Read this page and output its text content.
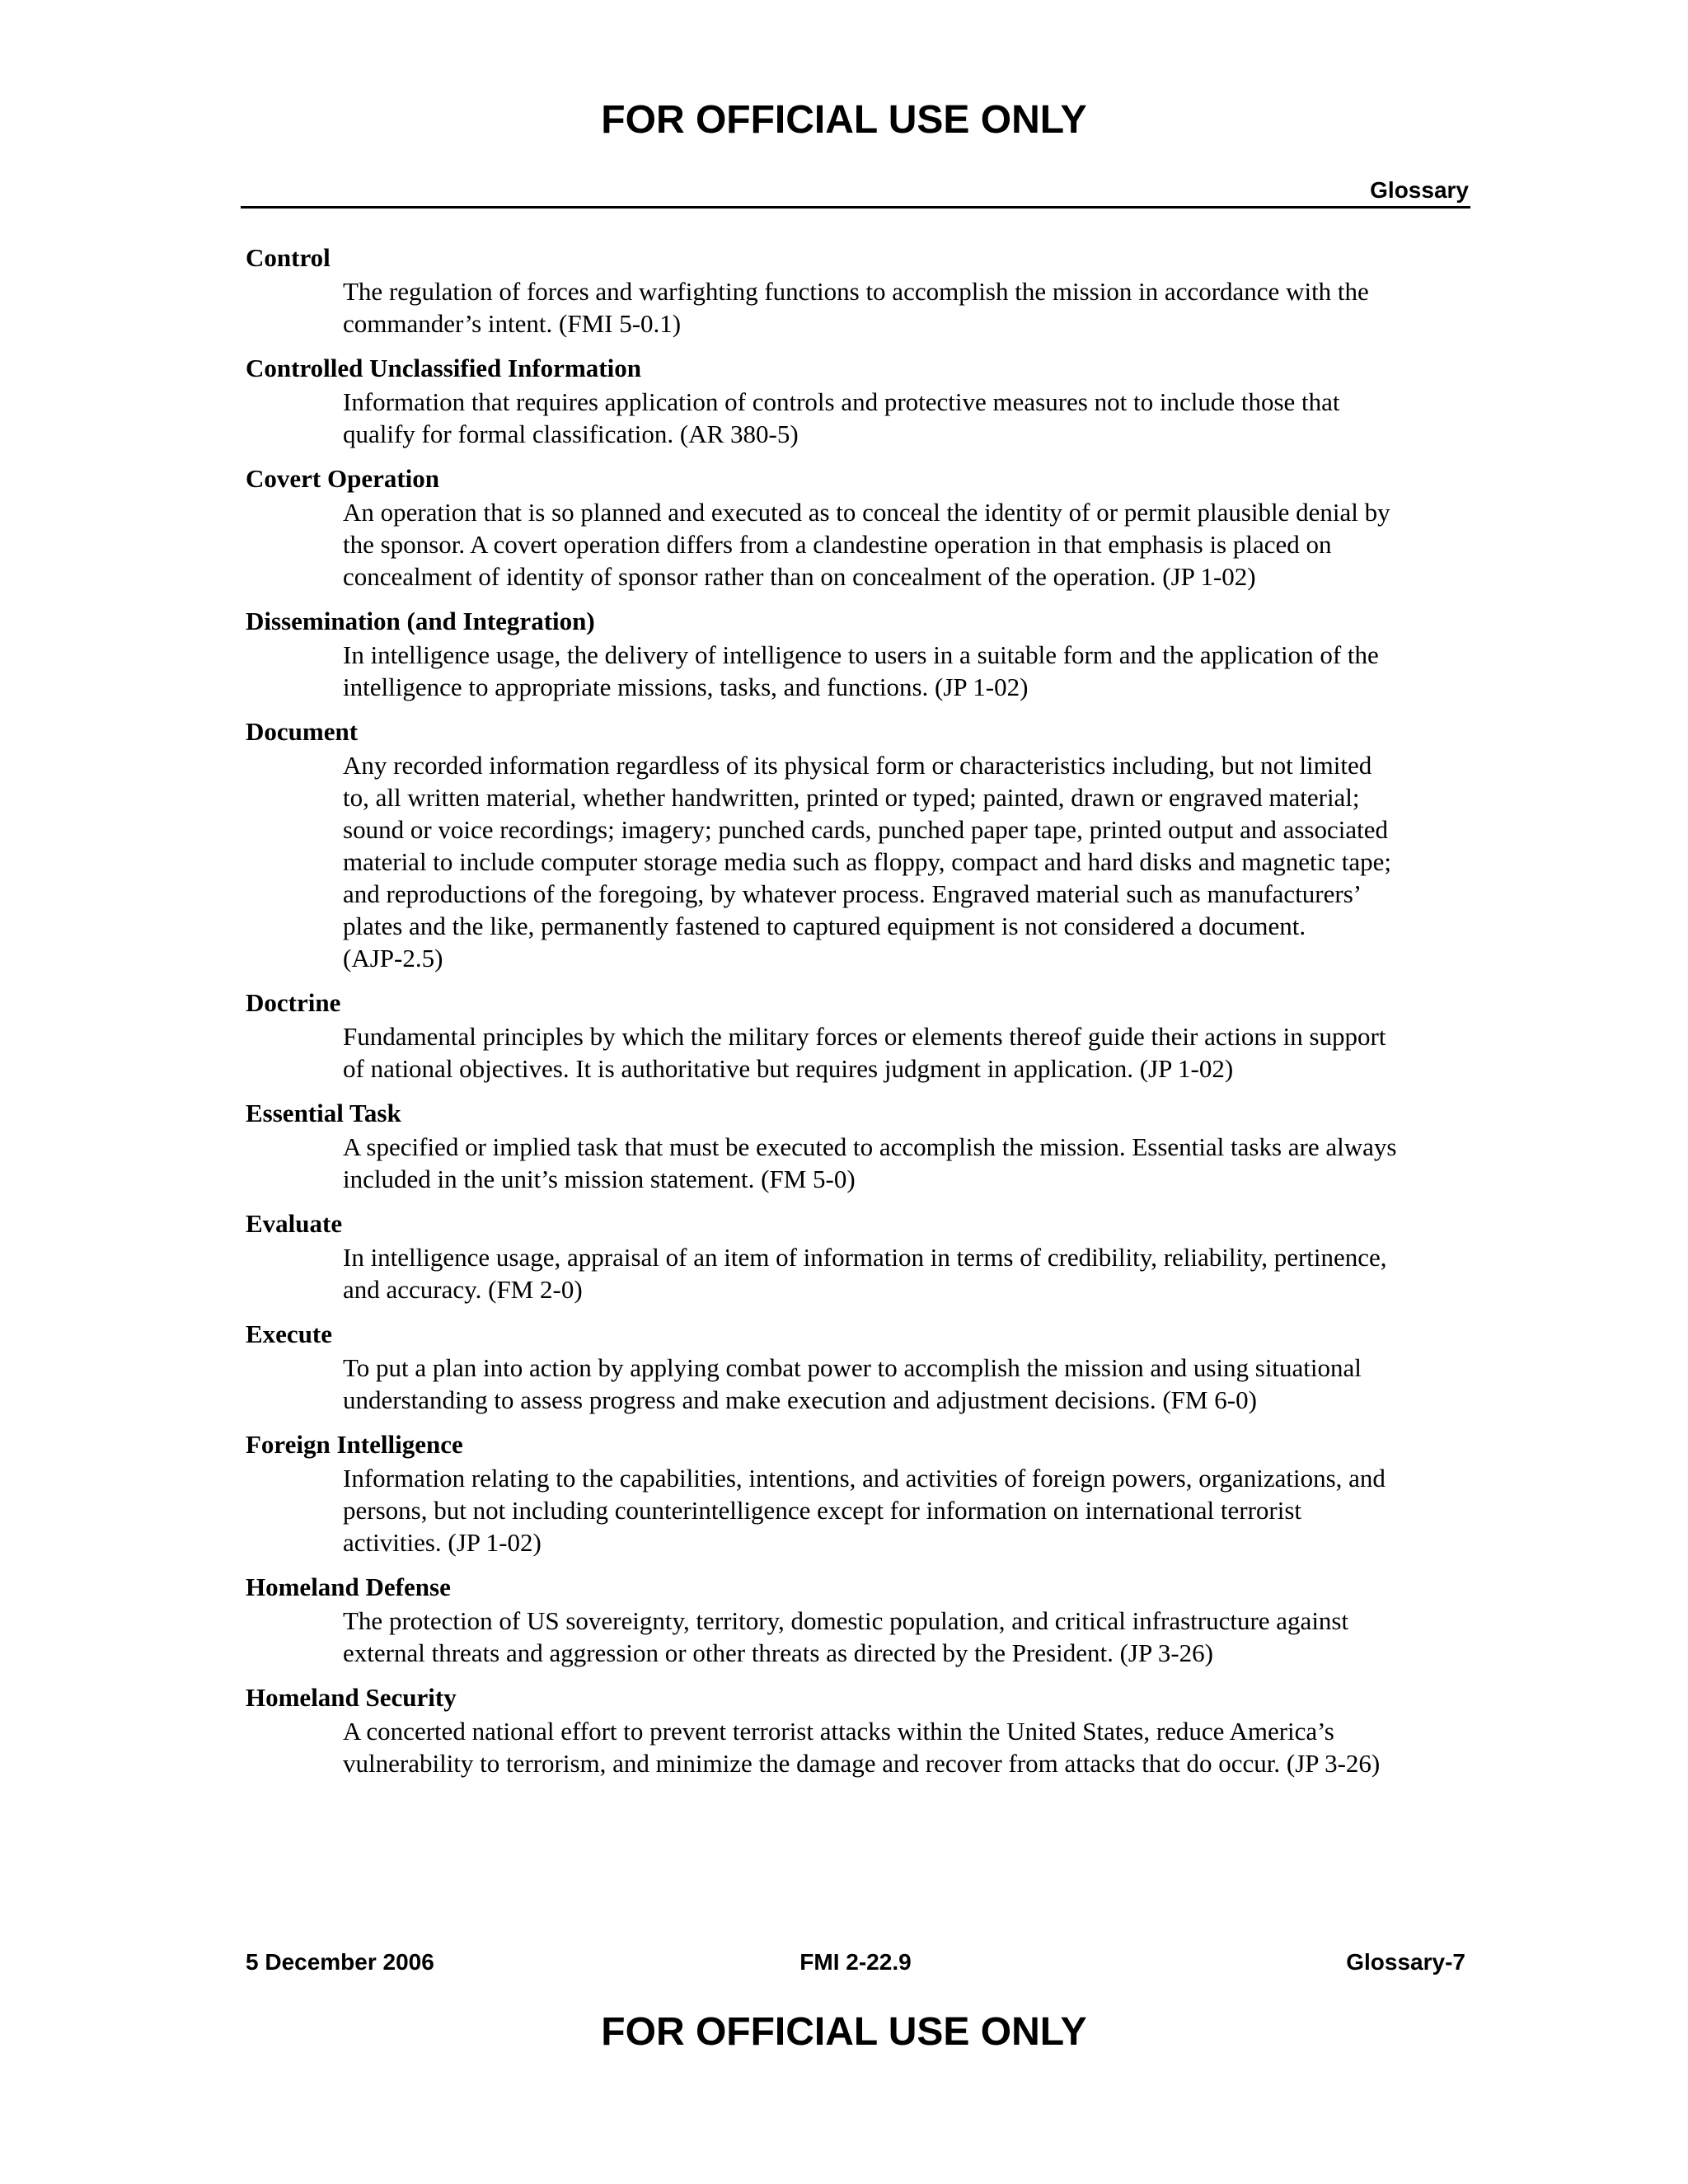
FOR OFFICIAL USE ONLY
Glossary
Control
The regulation of forces and warfighting functions to accomplish the mission in accordance with the
commander’s intent. (FMI 5-0.1)
Controlled Unclassified Information
Information that requires application of controls and protective measures not to include those that
qualify for formal classification. (AR 380-5)
Covert Operation
An operation that is so planned and executed as to conceal the identity of or permit plausible denial by
the sponsor. A covert operation differs from a clandestine operation in that emphasis is placed on
concealment of identity of sponsor rather than on concealment of the operation. (JP 1-02)
Dissemination (and Integration)
In intelligence usage, the delivery of intelligence to users in a suitable form and the application of the
intelligence to appropriate missions, tasks, and functions. (JP 1-02)
Document
Any recorded information regardless of its physical form or characteristics including, but not limited
to, all written material, whether handwritten, printed or typed; painted, drawn or engraved material;
sound or voice recordings; imagery; punched cards, punched paper tape, printed output and associated
material to include computer storage media such as floppy, compact and hard disks and magnetic tape;
and reproductions of the foregoing, by whatever process. Engraved material such as manufacturers’
plates and the like, permanently fastened to captured equipment is not considered a document.
(AJP-2.5)
Doctrine
Fundamental principles by which the military forces or elements thereof guide their actions in support
of national objectives. It is authoritative but requires judgment in application. (JP 1-02)
Essential Task
A specified or implied task that must be executed to accomplish the mission. Essential tasks are always
included in the unit’s mission statement. (FM 5-0)
Evaluate
In intelligence usage, appraisal of an item of information in terms of credibility, reliability, pertinence,
and accuracy. (FM 2-0)
Execute
To put a plan into action by applying combat power to accomplish the mission and using situational
understanding to assess progress and make execution and adjustment decisions. (FM 6-0)
Foreign Intelligence
Information relating to the capabilities, intentions, and activities of foreign powers, organizations, and
persons, but not including counterintelligence except for information on international terrorist
activities. (JP 1-02)
Homeland Defense
The protection of US sovereignty, territory, domestic population, and critical infrastructure against
external threats and aggression or other threats as directed by the President. (JP 3-26)
Homeland Security
A concerted national effort to prevent terrorist attacks within the United States, reduce America’s
vulnerability to terrorism, and minimize the damage and recover from attacks that do occur. (JP 3-26)
5 December 2006	FMI 2-22.9	Glossary-7
FOR OFFICIAL USE ONLY
